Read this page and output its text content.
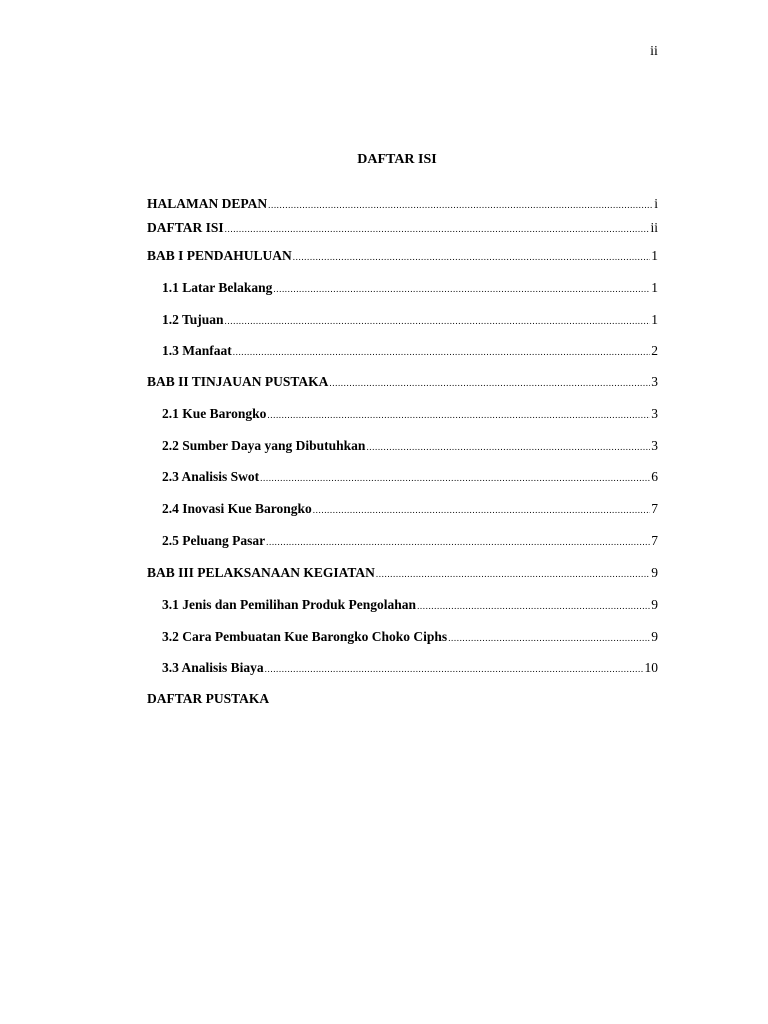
ii
DAFTAR ISI
HALAMAN DEPAN .....	i
DAFTAR ISI .....	ii
BAB I PENDAHULUAN .....	1
1.1 Latar Belakang .....	1
1.2 Tujuan .....	1
1.3 Manfaat .....	2
BAB II TINJAUAN PUSTAKA .....	3
2.1 Kue Barongko .....	3
2.2 Sumber Daya yang Dibutuhkan .....	3
2.3 Analisis Swot .....	6
2.4 Inovasi Kue Barongko .....	7
2.5 Peluang Pasar .....	7
BAB III PELAKSANAAN KEGIATAN .....	9
3.1 Jenis dan Pemilihan Produk Pengolahan .....	9
3.2 Cara Pembuatan Kue Barongko Choko Ciphs .....	9
3.3 Analisis Biaya .....	10
DAFTAR PUSTAKA
